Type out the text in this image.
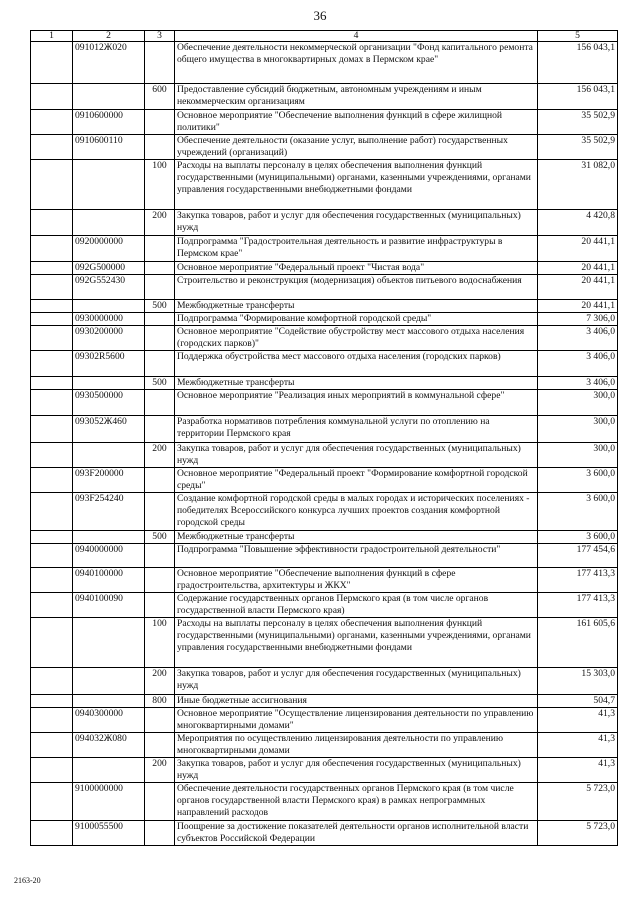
36
1	2	3	4	5
	091012Ж020		Обеспечение деятельности некоммерческой организации "Фонд капитального ремонта общего имущества в многоквартирных домах в Пермском крае"	156 043,1
		600	Предоставление субсидий бюджетным, автономным учреждениям и иным некоммерческим организациям	156 043,1
	0910600000		Основное мероприятие "Обеспечение выполнения функций в сфере жилищной политики"	35 502,9
	0910600110		Обеспечение деятельности (оказание услуг, выполнение работ) государственных учреждений (организаций)	35 502,9
		100	Расходы на выплаты персоналу в целях обеспечения выполнения функций государственными (муниципальными) органами, казенными учреждениями, органами управления государственными внебюджетными фондами	31 082,0
		200	Закупка товаров, работ и услуг для обеспечения государственных (муниципальных) нужд	4 420,8
	0920000000		Подпрограмма "Градостроительная деятельность и развитие инфраструктуры в Пермском крае"	20 441,1
	092G500000		Основное мероприятие "Федеральный проект "Чистая вода"	20 441,1
	092G552430		Строительство и реконструкция (модернизация) объектов питьевого водоснабжения	20 441,1
		500	Межбюджетные трансферты	20 441,1
	0930000000		Подпрограмма "Формирование комфортной городской среды"	7 306,0
	0930200000		Основное мероприятие "Содействие обустройству мест массового отдыха населения (городских парков)"	3 406,0
	09302R5600		Поддержка обустройства мест массового отдыха населения (городских парков)	3 406,0
		500	Межбюджетные трансферты	3 406,0
	0930500000		Основное мероприятие "Реализация иных мероприятий в коммунальной сфере"	300,0
	093052Ж460		Разработка нормативов потребления коммунальной услуги по отоплению на территории Пермского края	300,0
		200	Закупка товаров, работ и услуг для обеспечения государственных (муниципальных) нужд	300,0
	093F200000		Основное мероприятие "Федеральный проект "Формирование комфортной городской среды"	3 600,0
	093F254240		Создание комфортной городской среды в малых городах и исторических поселениях - победителях Всероссийского конкурса лучших проектов создания комфортной городской среды	3 600,0
		500	Межбюджетные трансферты	3 600,0
	0940000000		Подпрограмма "Повышение эффективности градостроительной деятельности"	177 454,6
	0940100000		Основное мероприятие "Обеспечение выполнения функций в сфере градостроительства, архитектуры и ЖКХ"	177 413,3
	0940100090		Содержание государственных органов Пермского края (в том числе органов государственной власти Пермского края)	177 413,3
		100	Расходы на выплаты персоналу в целях обеспечения выполнения функций государственными (муниципальными) органами, казенными учреждениями, органами управления государственными внебюджетными фондами	161 605,6
		200	Закупка товаров, работ и услуг для обеспечения государственных (муниципальных) нужд	15 303,0
		800	Иные бюджетные ассигнования	504,7
	0940300000		Основное мероприятие "Осуществление лицензирования деятельности по управлению многоквартирными домами"	41,3
	094032Ж080		Мероприятия по осуществлению лицензирования деятельности по управлению многоквартирными домами	41,3
		200	Закупка товаров, работ и услуг для обеспечения государственных (муниципальных) нужд	41,3
	9100000000		Обеспечение деятельности государственных органов Пермского края (в том числе органов государственной власти Пермского края) в рамках непрограммных направлений расходов	5 723,0
	9100055500		Поощрение за достижение показателей деятельности органов исполнительной власти субъектов Российской Федерации	5 723,0
2163-20
